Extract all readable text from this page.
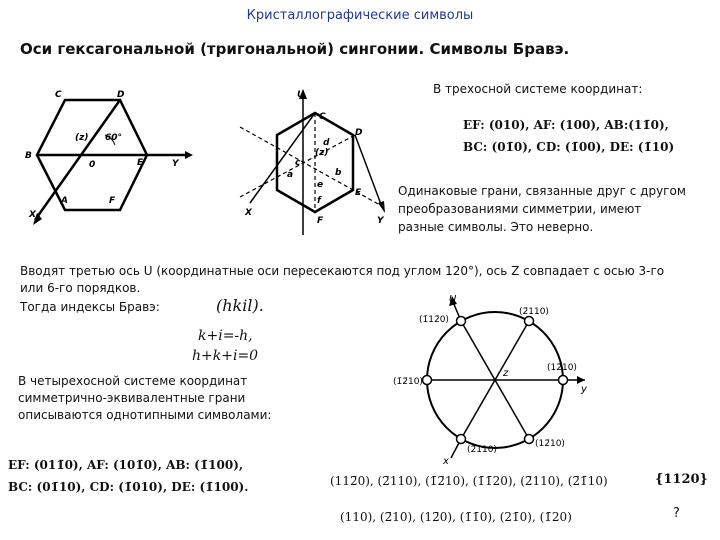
Кристаллографические символы
Оси гексагональной (тригональной) сингонии. Символы Бравэ.
C	D
E
F
A
B
(z)
0
60°
Y
X
U
(z)
C
d
b
a
c
e
f
D
E
F	Y
X
В трехосной системе координат:
EF: (010), AF: (100), AB:(11̄0),
BC: (01̄0), CD: (1̄00), DE: (1̄10)
Одинаковые грани, связанные друг с другом
преобразованиями симметрии, имеют
разные символы. Это неверно.
Вводят третью ось U (координатные оси пересекаются под углом 120°), ось Z совпадает с осью 3-го
или 6-го порядков.
Тогда индексы Бравэ:	(hkil).
k+i=-h,
h+k+i=0
В четырехосной системе координат
симметрично-эквивалентные грани
описываются однотипными символами:
EF: (011̄0), AF: (101̄0), AB: (1̄100),
BC: (01̄10), CD: (1̄010), DE: (1̄100).
U
z
y
x
(1̄12̄0)
(2̄110)
(12̄10)
(1̄2̄10)
(12̄10)
(2̄110)
(112̄0), (2̄110), (1̄2̄10), (1̄1̄20), (2̄110), (2̄1̄10)	{1120}
(110), (2̄10), (12̄0), (1̄1̄0), (21̄0), (1̄20)	?
